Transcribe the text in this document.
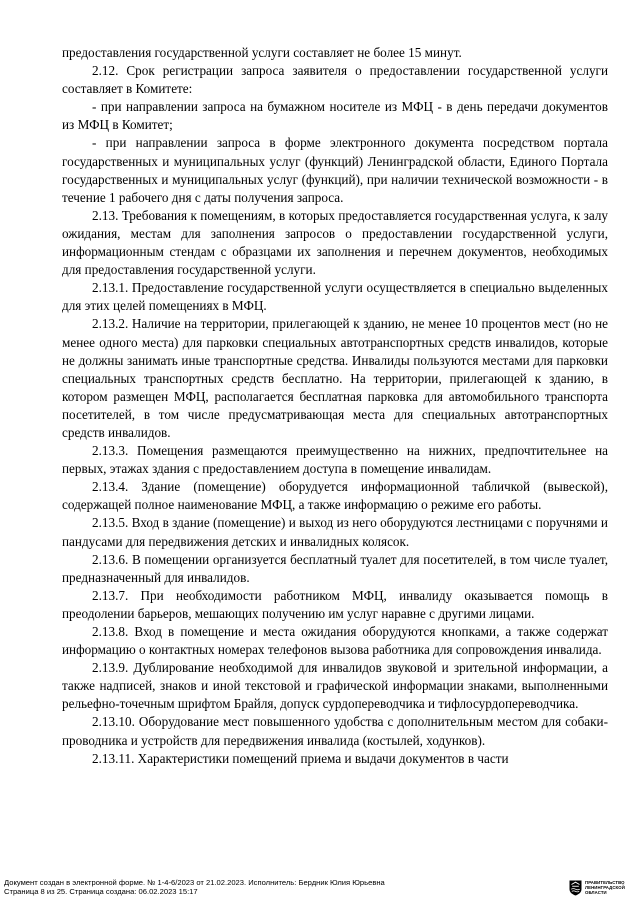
предоставления государственной услуги составляет не более 15 минут.

2.12. Срок регистрации запроса заявителя о предоставлении государственной услуги составляет в Комитете:

- при направлении запроса на бумажном носителе из МФЦ - в день передачи документов из МФЦ в Комитет;

- при направлении запроса в форме электронного документа посредством портала государственных и муниципальных услуг (функций) Ленинградской области, Единого Портала государственных и муниципальных услуг (функций), при наличии технической возможности - в течение 1 рабочего дня с даты получения запроса.

2.13. Требования к помещениям, в которых предоставляется государственная услуга, к залу ожидания, местам для заполнения запросов о предоставлении государственной услуги, информационным стендам с образцами их заполнения и перечнем документов, необходимых для предоставления государственной услуги.

2.13.1. Предоставление государственной услуги осуществляется в специально выделенных для этих целей помещениях в МФЦ.

2.13.2. Наличие на территории, прилегающей к зданию, не менее 10 процентов мест (но не менее одного места) для парковки специальных автотранспортных средств инвалидов, которые не должны занимать иные транспортные средства. Инвалиды пользуются местами для парковки специальных транспортных средств бесплатно. На территории, прилегающей к зданию, в котором размещен МФЦ, располагается бесплатная парковка для автомобильного транспорта посетителей, в том числе предусматривающая места для специальных автотранспортных средств инвалидов.

2.13.3. Помещения размещаются преимущественно на нижних, предпочтительнее на первых, этажах здания с предоставлением доступа в помещение инвалидам.

2.13.4. Здание (помещение) оборудуется информационной табличкой (вывеской), содержащей полное наименование МФЦ, а также информацию о режиме его работы.

2.13.5. Вход в здание (помещение) и выход из него оборудуются лестницами с поручнями и пандусами для передвижения детских и инвалидных колясок.

2.13.6. В помещении организуется бесплатный туалет для посетителей, в том числе туалет, предназначенный для инвалидов.

2.13.7. При необходимости работником МФЦ, инвалиду оказывается помощь в преодолении барьеров, мешающих получению им услуг наравне с другими лицами.

2.13.8. Вход в помещение и места ожидания оборудуются кнопками, а также содержат информацию о контактных номерах телефонов вызова работника для сопровождения инвалида.

2.13.9. Дублирование необходимой для инвалидов звуковой и зрительной информации, а также надписей, знаков и иной текстовой и графической информации знаками, выполненными рельефно-точечным шрифтом Брайля, допуск сурдопереводчика и тифлосурдопереводчика.

2.13.10. Оборудование мест повышенного удобства с дополнительным местом для собаки-проводника и устройств для передвижения инвалида (костылей, ходунков).

2.13.11. Характеристики помещений приема и выдачи документов в части

Документ создан в электронной форме. № 1-4-6/2023 от 21.02.2023. Исполнитель: Бердник Юлия Юрьевна
Страница 8 из 25. Страница создана: 06.02.2023 15:17
ПРАВИТЕЛЬСТВО
ЛЕНИНГРАДСКОЙ
ОБЛАСТИ
